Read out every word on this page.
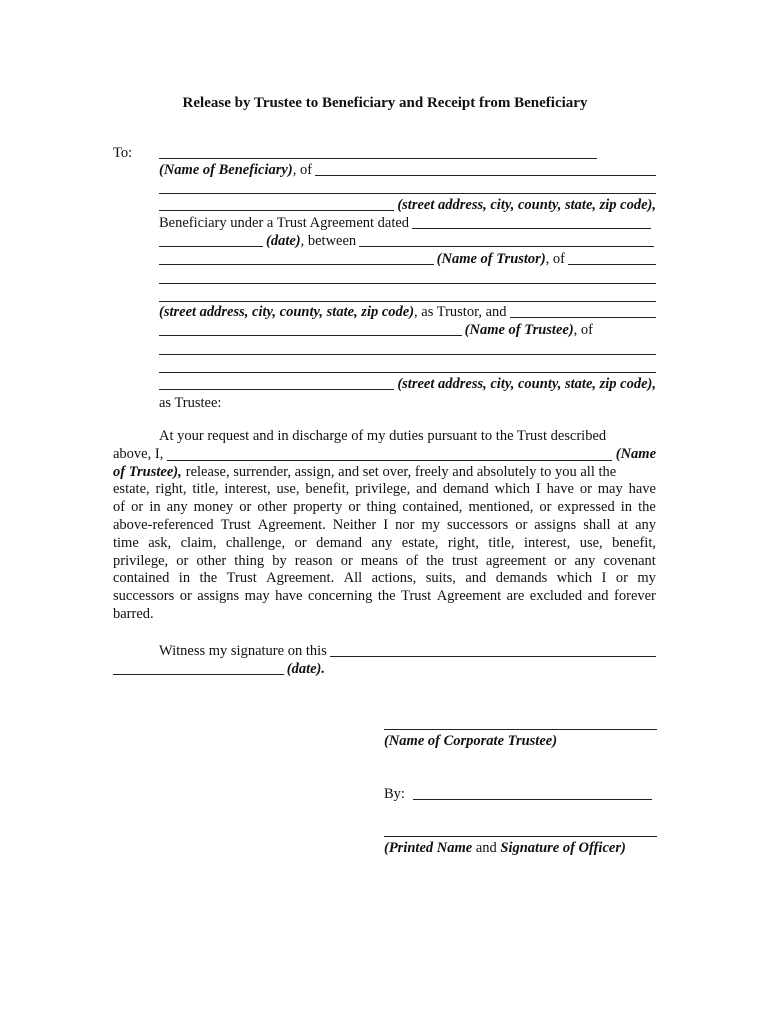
Release by Trustee to Beneficiary and Receipt from Beneficiary
To:
(Name of Beneficiary) , of
(street address, city, county, state, zip code),
Beneficiary under a Trust Agreement dated
(date) , between
(Name of Trustor) , of
(street address, city, county, state, zip code) , as Trustor, and
(Name of Trustee) , of
(street address, city, county, state, zip code),
as Trustee:
At your request and in discharge of my duties pursuant to the Trust described
above, I,	(Name
of Trustee), release, surrender, assign, and set over, freely and absolutely to you all the
estate, right, title, interest, use, benefit, privilege, and demand which I have or may have
of or in any money or other property or thing contained, mentioned, or expressed in the
above-referenced Trust Agreement. Neither I nor my successors or assigns shall at any
time ask, claim, challenge, or demand any estate, right, title, interest, use, benefit,
privilege, or other thing by reason or means of the trust agreement or any covenant
contained in the Trust Agreement. All actions, suits, and demands which I or my
successors or assigns may have concerning the Trust Agreement are excluded and forever
barred.
Witness my signature on this
(date).
(Name of Corporate Trustee)
By:
(Printed Name and Signature of Officer)
